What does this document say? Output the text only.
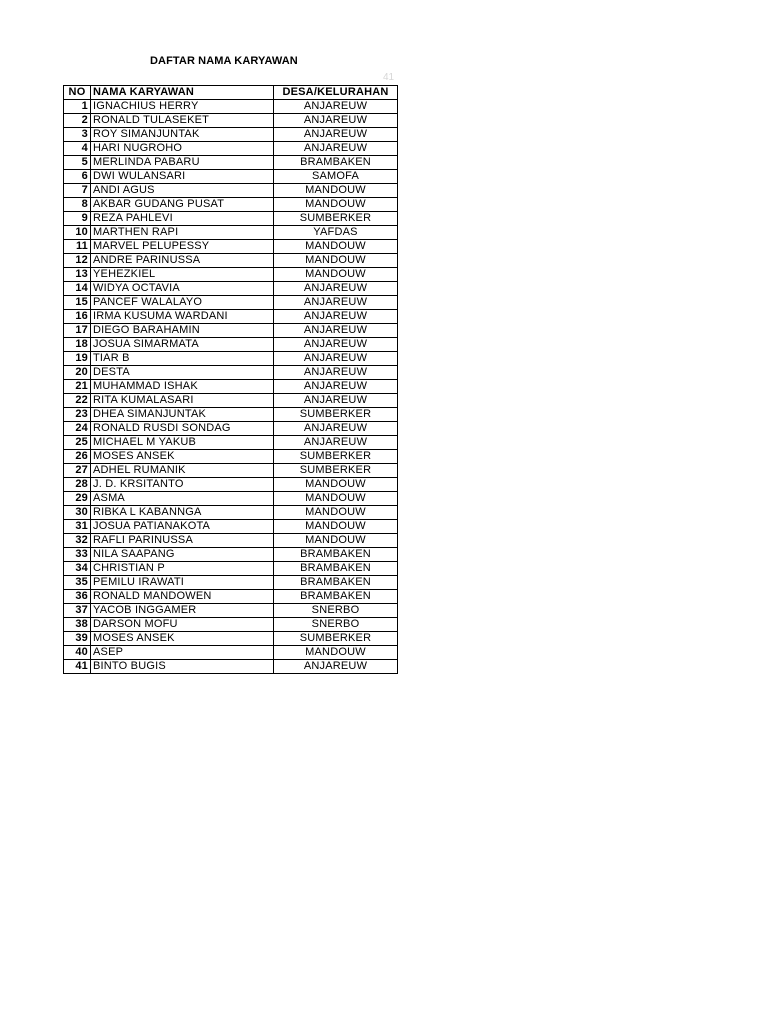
DAFTAR NAMA KARYAWAN
41
NO	NAMA KARYAWAN	DESA/KELURAHAN
1	IGNACHIUS HERRY	ANJAREUW
2	RONALD TULASEKET	ANJAREUW
3	ROY SIMANJUNTAK	ANJAREUW
4	HARI NUGROHO	ANJAREUW
5	MERLINDA PABARU	BRAMBAKEN
6	DWI WULANSARI	SAMOFA
7	ANDI AGUS	MANDOUW
8	AKBAR GUDANG PUSAT	MANDOUW
9	REZA PAHLEVI	SUMBERKER
10	MARTHEN RAPI	YAFDAS
11	MARVEL PELUPESSY	MANDOUW
12	ANDRE PARINUSSA	MANDOUW
13	YEHEZKIEL	MANDOUW
14	WIDYA OCTAVIA	ANJAREUW
15	PANCEF WALALAYO	ANJAREUW
16	IRMA KUSUMA WARDANI	ANJAREUW
17	DIEGO BARAHAMIN	ANJAREUW
18	JOSUA SIMARMATA	ANJAREUW
19	TIAR B	ANJAREUW
20	DESTA	ANJAREUW
21	MUHAMMAD ISHAK	ANJAREUW
22	RITA KUMALASARI	ANJAREUW
23	DHEA SIMANJUNTAK	SUMBERKER
24	RONALD RUSDI SONDAG	ANJAREUW
25	MICHAEL M YAKUB	ANJAREUW
26	MOSES ANSEK	SUMBERKER
27	ADHEL RUMANIK	SUMBERKER
28	J. D. KRSITANTO	MANDOUW
29	ASMA	MANDOUW
30	RIBKA L KABANNGA	MANDOUW
31	JOSUA PATIANAKOTA	MANDOUW
32	RAFLI PARINUSSA	MANDOUW
33	NILA SAAPANG	BRAMBAKEN
34	CHRISTIAN P	BRAMBAKEN
35	PEMILU IRAWATI	BRAMBAKEN
36	RONALD MANDOWEN	BRAMBAKEN
37	YACOB INGGAMER	SNERBO
38	DARSON MOFU	SNERBO
39	MOSES ANSEK	SUMBERKER
40	ASEP	MANDOUW
41	BINTO BUGIS	ANJAREUW
